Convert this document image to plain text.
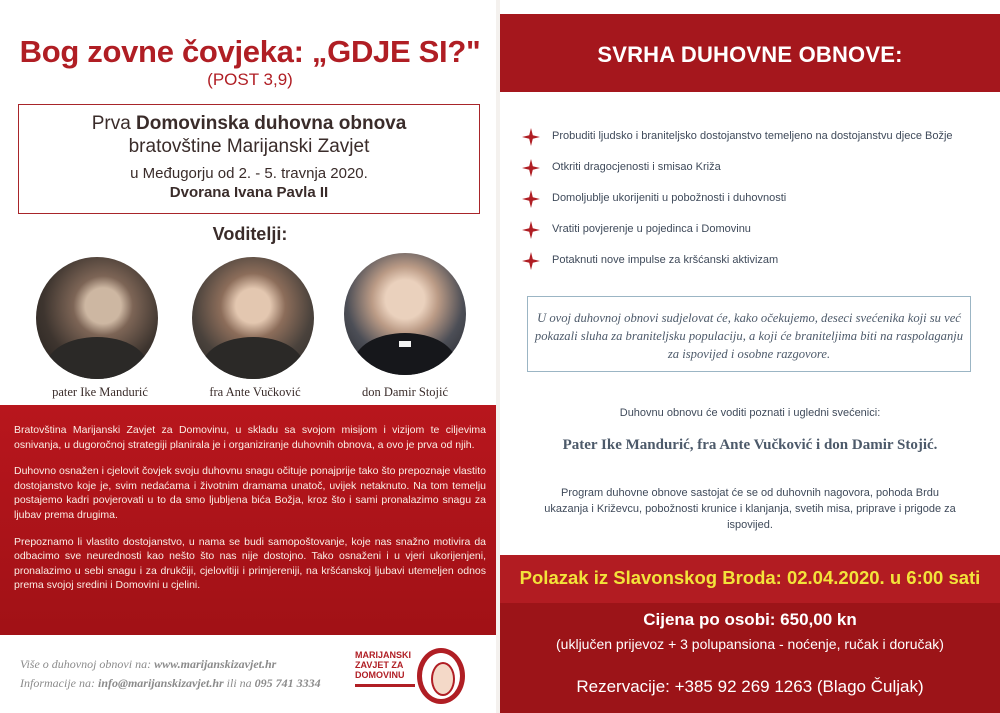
Bog zovne čovjeka: „GDJE SI?"
(POST 3,9)
Prva Domovinska duhovna obnova
bratovštine Marijanski Zavjet
u Međugorju od 2. - 5. travnja 2020.
Dvorana Ivana Pavla II
Voditelji:
pater Ike Mandurić	fra Ante Vučković	don Damir Stojić

Bratovština Marijanski Zavjet za Domovinu, u skladu sa svojom misijom i vizijom te ciljevima osnivanja, u dugoročnoj strategiji planirala je i organiziranje duhovnih obnova, a ovo je prva od njih.

Duhovno osnažen i cjelovit čovjek svoju duhovnu snagu očituje ponajprije tako što prepoznaje vlastito dostojanstvo koje je, svim nedaćama i životnim dramama unatoč, uvijek netaknuto. Na tom temelju postajemo kadri povjerovati u to da smo ljubljena bića Božja, kroz što i sami pronalazimo snagu za ljubav prema drugima.

Prepoznamo li vlastito dostojanstvo, u nama se budi samopoštovanje, koje nas snažno motivira da odbacimo sve neurednosti kao nešto što nas nije dostojno. Tako osnaženi i u vjeri ukorijenjeni, pronalazimo u sebi snagu i za drukčiji, cjelovitiji i primjereniji, na kršćanskoj ljubavi utemeljen odnos prema svojoj sredini i Domovini u cjelini.

Više o duhovnoj obnovi na: www.marijanskizavjet.hr
Informacije na: info@marijanskizavjet.hr ili na 095 741 3334
MARIJANSKI ZAVJET ZA DOMOVINU
SVRHA DUHOVNE OBNOVE:
Probuditi ljudsko i braniteljsko dostojanstvo temeljeno na dostojanstvu djece Božje
Otkriti dragocjenosti i smisao Križa
Domoljublje ukorijeniti u pobožnosti i duhovnosti
Vratiti povjerenje u pojedinca i Domovinu
Potaknuti nove impulse za kršćanski aktivizam
U ovoj duhovnoj obnovi sudjelovat će, kako očekujemo, deseci svećenika koji su već pokazali sluha za braniteljsku populaciju, a koji će braniteljima biti na raspolaganju za ispovijed i osobne razgovore.
Duhovnu obnovu će voditi poznati i ugledni svećenici:
Pater Ike Mandurić, fra Ante Vučković i don Damir Stojić.
Program duhovne obnove sastojat će se od duhovnih nagovora, pohoda Brdu ukazanja i Križevcu, pobožnosti krunice i klanjanja, svetih misa, priprave i prigode za ispovijed.
Polazak iz Slavonskog Broda: 02.04.2020. u 6:00 sati
Cijena po osobi: 650,00 kn
(uključen prijevoz + 3 polupansiona - noćenje, ručak i doručak)
Rezervacije: +385 92 269 1263 (Blago Čuljak)
